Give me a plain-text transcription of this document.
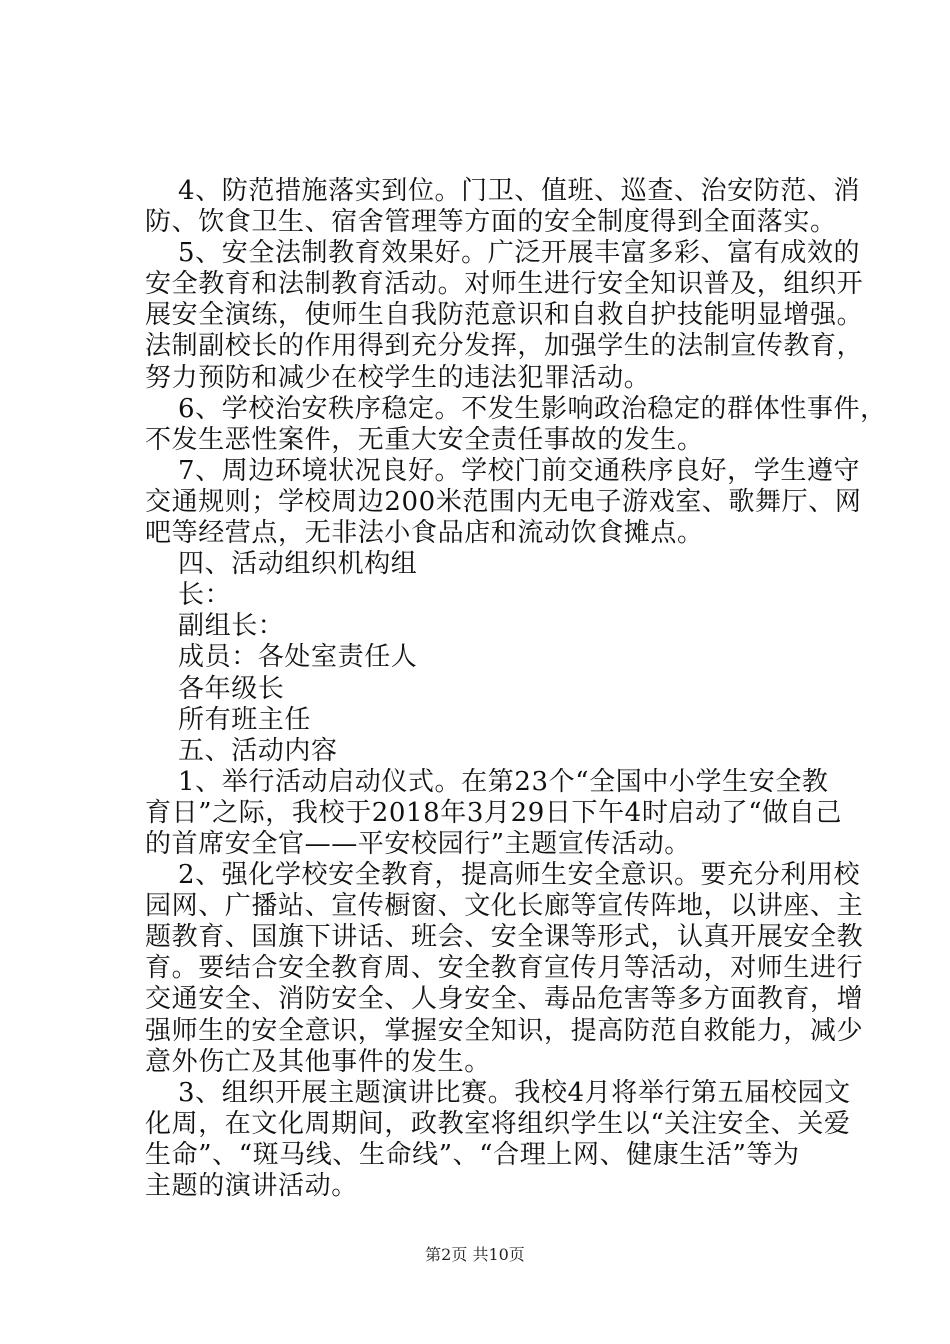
4、防范措施落实到位。门卫、值班、巡查、治安防范、消
防、饮食卫生、宿舍管理等方面的安全制度得到全面落实。
5、安全法制教育效果好。广泛开展丰富多彩、富有成效的
安全教育和法制教育活动。对师生进行安全知识普及，组织开
展安全演练，使师生自我防范意识和自救自护技能明显增强。
法制副校长的作用得到充分发挥，加强学生的法制宣传教育，
努力预防和减少在校学生的违法犯罪活动。
6、学校治安秩序稳定。不发生影响政治稳定的群体性事件，
不发生恶性案件，无重大安全责任事故的发生。
7、周边环境状况良好。学校门前交通秩序良好，学生遵守
交通规则；学校周边200米范围内无电子游戏室、歌舞厅、网
吧等经营点，无非法小食品店和流动饮食摊点。
四、活动组织机构组
长：
副组长：
成员：各处室责任人
各年级长
所有班主任
五、活动内容
1、举行活动启动仪式。在第23个“全国中小学生安全教
育日”之际，我校于2018年3月29日下午4时启动了“做自己
的首席安全官——平安校园行”主题宣传活动。
2、强化学校安全教育，提高师生安全意识。要充分利用校
园网、广播站、宣传橱窗、文化长廊等宣传阵地，以讲座、主
题教育、国旗下讲话、班会、安全课等形式，认真开展安全教
育。要结合安全教育周、安全教育宣传月等活动，对师生进行
交通安全、消防安全、人身安全、毒品危害等多方面教育，增
强师生的安全意识，掌握安全知识，提高防范自救能力，减少
意外伤亡及其他事件的发生。
3、组织开展主题演讲比赛。我校4月将举行第五届校园文
化周，在文化周期间，政教室将组织学生以“关注安全、关爱
生命”、“斑马线、生命线”、“合理上网、健康生活”等为
主题的演讲活动。
第2页 共10页
